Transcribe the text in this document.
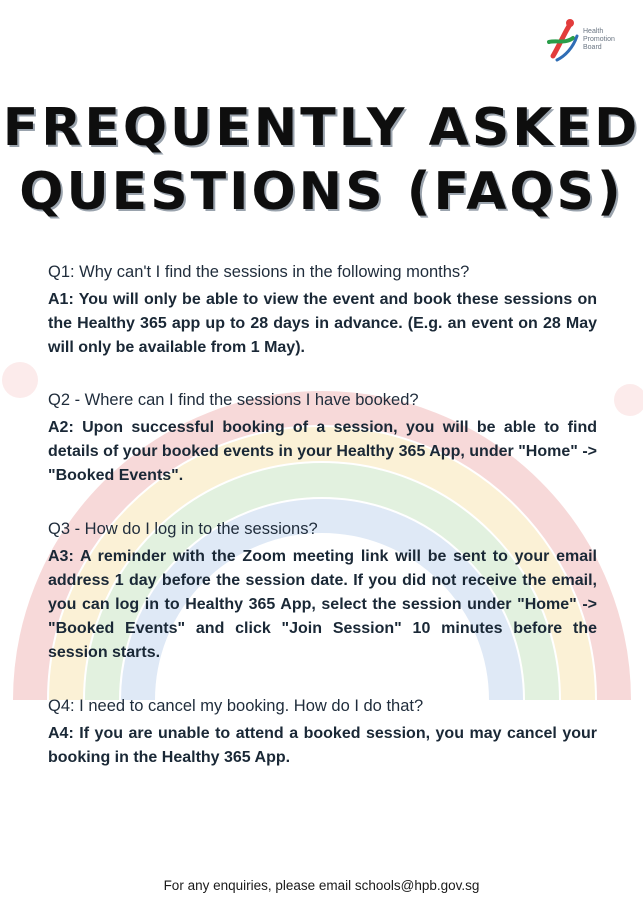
Health
Promotion
Board
FREQUENTLY ASKED
QUESTIONS (FAQS)
Q1: Why can't I find the sessions in the following months?
A1: You will only be able to view the event and book these sessions on the Healthy 365 app up to 28 days in advance. (E.g. an event on 28 May will only be available from 1 May).
Q2 - Where can I find the sessions I have booked?
A2: Upon successful booking of a session, you will be able to find details of your booked events in your Healthy 365 App, under "Home" -> "Booked Events".
Q3 - How do I log in to the sessions?
A3: A reminder with the Zoom meeting link will be sent to your email address 1 day before the session date. If you did not receive the email, you can log in to Healthy 365 App, select the session under "Home" -> "Booked Events" and click "Join Session" 10 minutes before the session starts.
Q4: I need to cancel my booking. How do I do that?
A4: If you are unable to attend a booked session, you may cancel your booking in the Healthy 365 App.
For any enquiries, please email schools@hpb.gov.sg
